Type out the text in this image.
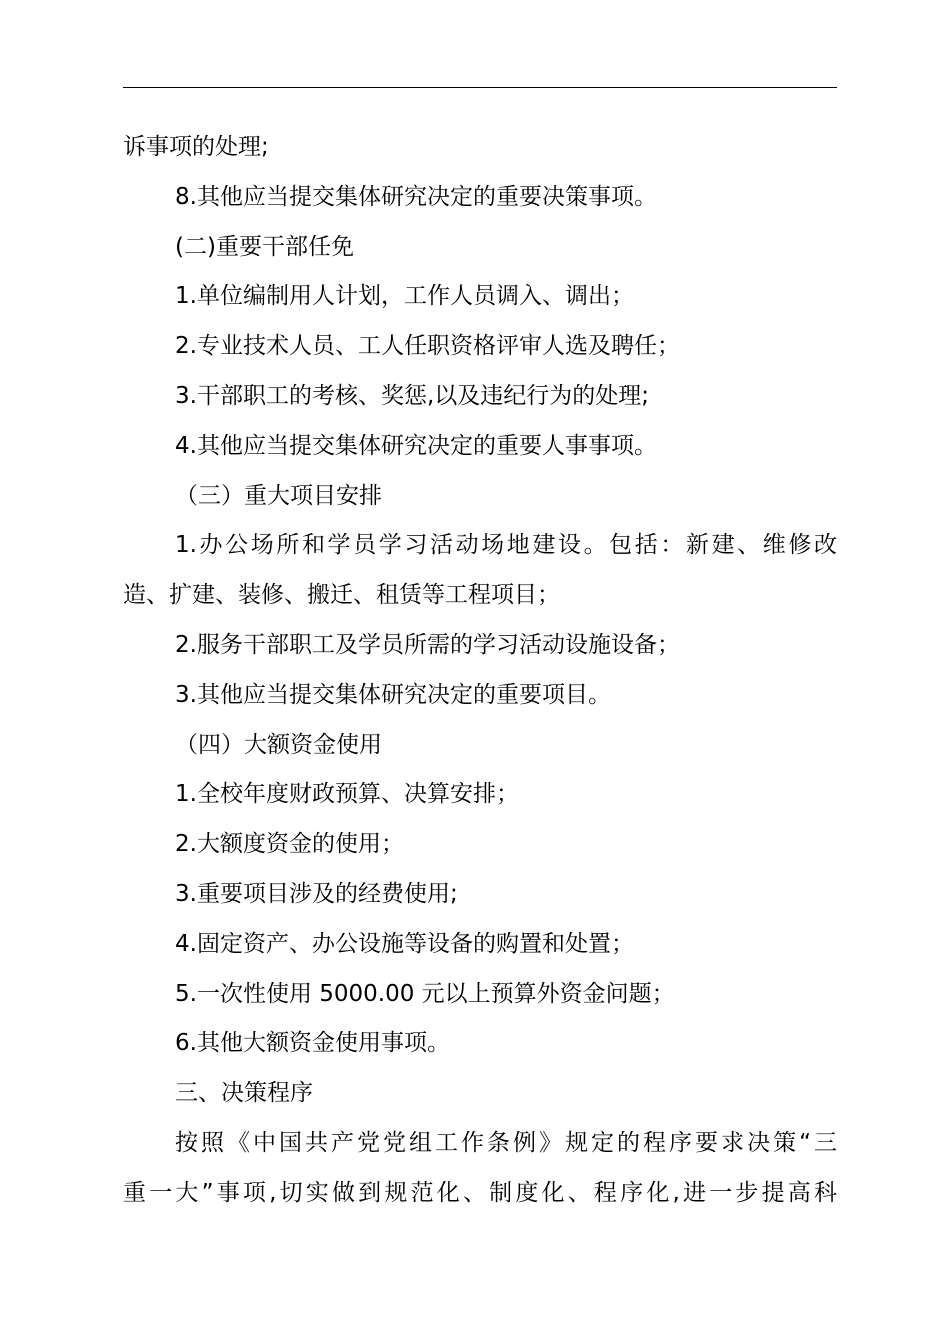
诉事项的处理;
8.其他应当提交集体研究决定的重要决策事项。
(二)重要干部任免
1.单位编制用人计划，工作人员调入、调出；
2.专业技术人员、工人任职资格评审人选及聘任；
3.干部职工的考核、奖惩,以及违纪行为的处理;
4.其他应当提交集体研究决定的重要人事事项。
（三）重大项目安排
1.办公场所和学员学习活动场地建设。包括：新建、维修改
造、扩建、装修、搬迁、租赁等工程项目；
2.服务干部职工及学员所需的学习活动设施设备；
3.其他应当提交集体研究决定的重要项目。
（四）大额资金使用
1.全校年度财政预算、决算安排；
2.大额度资金的使用；
3.重要项目涉及的经费使用;
4.固定资产、办公设施等设备的购置和处置；
5.一次性使用 5000.00 元以上预算外资金问题；
6.其他大额资金使用事项。
三、决策程序
按照《中国共产党党组工作条例》规定的程序要求决策“三
重一大”事项,切实做到规范化、制度化、程序化,进一步提高科
